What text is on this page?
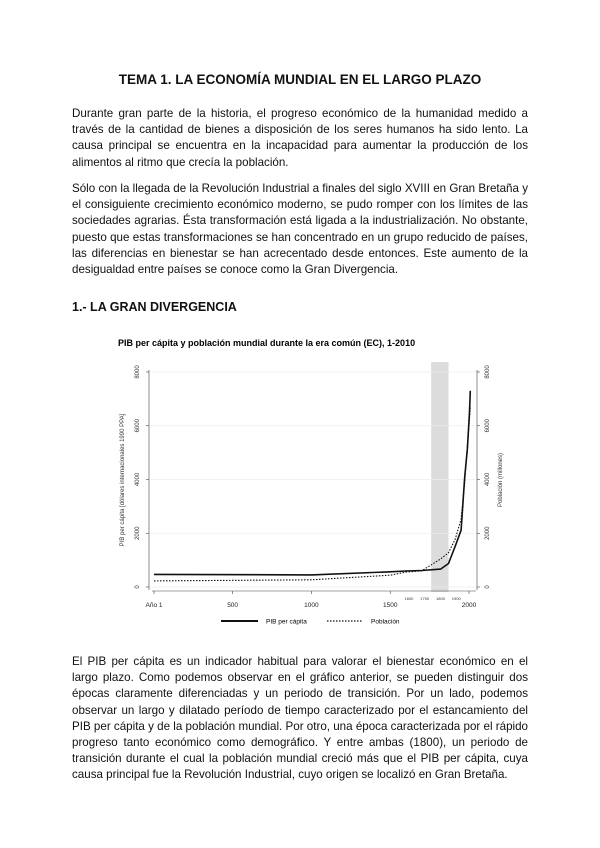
TEMA 1. LA ECONOMÍA MUNDIAL EN EL LARGO PLAZO

Durante gran parte de la historia, el progreso económico de la humanidad medido a través de la cantidad de bienes a disposición de los seres humanos ha sido lento. La causa principal se encuentra en la incapacidad para aumentar la producción de los alimentos al ritmo que crecía la población.

Sólo con la llegada de la Revolución Industrial a finales del siglo XVIII en Gran Bretaña y el consiguiente crecimiento económico moderno, se pudo romper con los límites de las sociedades agrarias. Ésta transformación está ligada a la industrialización. No obstante, puesto que estas transformaciones se han concentrado en un grupo reducido de países, las diferencias en bienestar se han acrecentado desde entonces. Este aumento de la desigualdad entre países se conoce como la Gran Divergencia.

1.- LA GRAN DIVERGENCIA
PIB per cápita y población mundial durante la era común (EC), 1-2010
0	0
2000	2000
4000	4000
6000	6000
8000	8000
Año 1	500	1000	1500	2000
1600 1700 1800 1900
PIB per cápita [dólares internacionales 1990 PPA]	Población (millones)
PIB per cápita	Población

El PIB per cápita es un indicador habitual para valorar el bienestar económico en el largo plazo. Como podemos observar en el gráfico anterior, se pueden distinguir dos épocas claramente diferenciadas y un periodo de transición. Por un lado, podemos observar un largo y dilatado período de tiempo caracterizado por el estancamiento del PIB per cápita y de la población mundial. Por otro, una época caracterizada por el rápido progreso tanto económico como demográfico. Y entre ambas (1800), un periodo de transición durante el cual la población mundial creció más que el PIB per cápita, cuya causa principal fue la Revolución Industrial, cuyo origen se localizó en Gran Bretaña.
